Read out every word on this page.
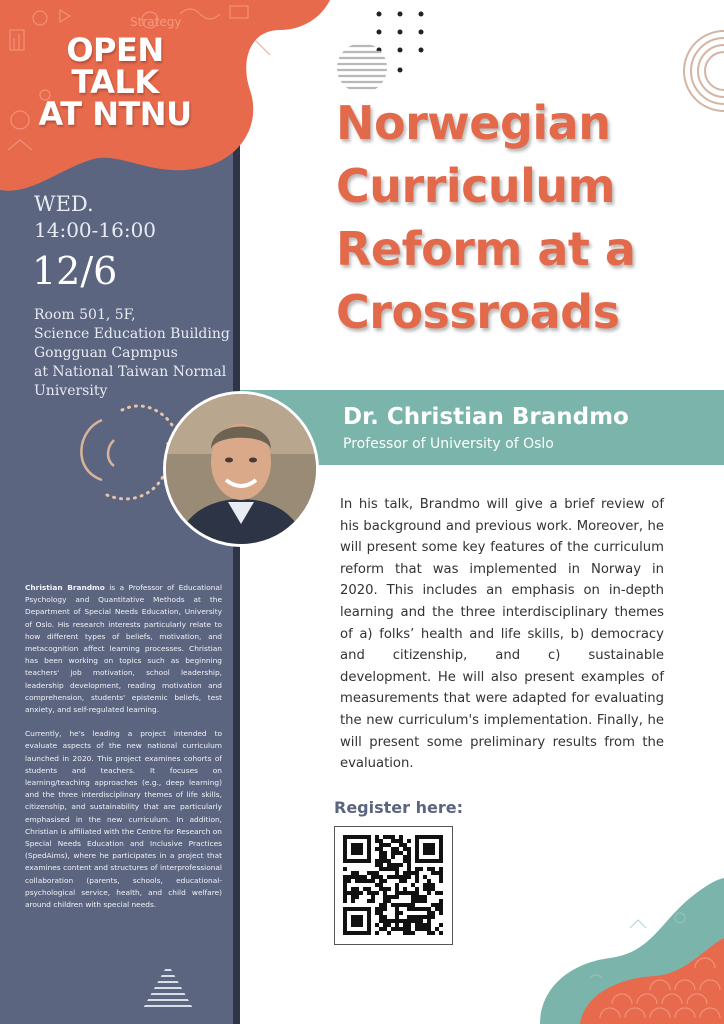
Strategy
OPEN
TALK
AT NTNU
WED.
14:00-16:00
12/6
Room 501, 5F,
Science Education Building
Gongguan Capmpus
at National Taiwan Normal
University

Christian Brandmo is a Professor of Educational Psychology and Quantitative Methods at the Department of Special Needs Education, University of Oslo. His research interests particularly relate to how different types of beliefs, motivation, and metacognition affect learning processes. Christian has been working on topics such as beginning teachers' job motivation, school leadership, leadership development, reading motivation and comprehension, students' epistemic beliefs, test anxiety, and self-regulated learning.

Currently, he's leading a project intended to evaluate aspects of the new national curriculum launched in 2020. This project examines cohorts of students and teachers. It focuses on learning/teaching approaches (e.g., deep learning) and the three interdisciplinary themes of life skills, citizenship, and sustainability that are particularly emphasised in the new curriculum. In addition, Christian is affiliated with the Centre for Research on Special Needs Education and Inclusive Practices (SpedAims), where he participates in a project that examines content and structures of interprofessional collaboration (parents, schools, educational-psychological service, health, and child welfare) around children with special needs.

Norwegian
Curriculum
Reform at a
Crossroads
Dr. Christian Brandmo
Professor of University of Oslo
In his talk, Brandmo will give a brief review of his background and previous work. Moreover, he will present some key features of the curriculum reform that was implemented in Norway in 2020. This includes an emphasis on in-depth learning and the three interdisciplinary themes of a) folks’ health and life skills, b) democracy and citizenship, and c) sustainable development. He will also present examples of measurements that were adapted for evaluating the new curriculum's implementation. Finally, he will present some preliminary results from the evaluation.
Register here:
